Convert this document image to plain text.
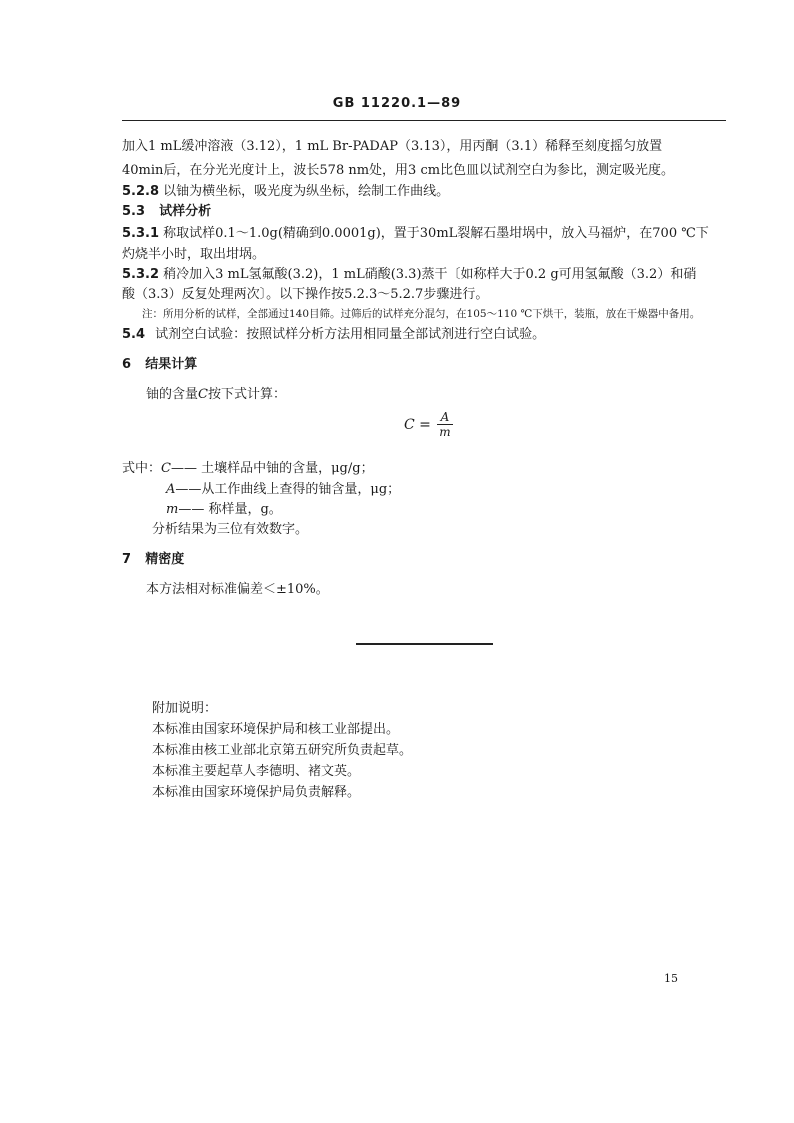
GB 11220.1—89
加入1 mL缓冲溶液（3.12），1 mL Br-PADAP（3.13），用丙酮（3.1）稀释至刻度摇匀放置
40min后，在分光光度计上，波长578 nm处，用3 cm比色皿以试剂空白为参比，测定吸光度。
5.2.8 以铀为横坐标，吸光度为纵坐标，绘制工作曲线。
5.3 试样分析
5.3.1 称取试样0.1～1.0g(精确到0.0001g)，置于30mL裂解石墨坩埚中，放入马福炉，在700 ℃下
灼烧半小时，取出坩埚。
5.3.2 稍冷加入3 mL氢氟酸(3.2)，1 mL硝酸(3.3)蒸干〔如称样大于0.2 g可用氢氟酸（3.2）和硝
酸（3.3）反复处理两次〕。以下操作按5.2.3～5.2.7步骤进行。
注：所用分析的试样，全部通过140目筛。过筛后的试样充分混匀，在105～110 ℃下烘干，装瓶，放在干燥器中备用。
5.4 试剂空白试验：按照试样分析方法用相同量全部试剂进行空白试验。
6 结果计算
铀的含量C按下式计算：
$C = \frac{A}{m}$
式中：C—— 土壤样品中铀的含量，μg/g；
A——从工作曲线上查得的铀含量，μg；
m—— 称样量，g。
分析结果为三位有效数字。
7 精密度
本方法相对标准偏差＜±10%。
附加说明：
本标准由国家环境保护局和核工业部提出。
本标准由核工业部北京第五研究所负责起草。
本标准主要起草人李德明、褚文英。
本标准由国家环境保护局负责解释。
15
